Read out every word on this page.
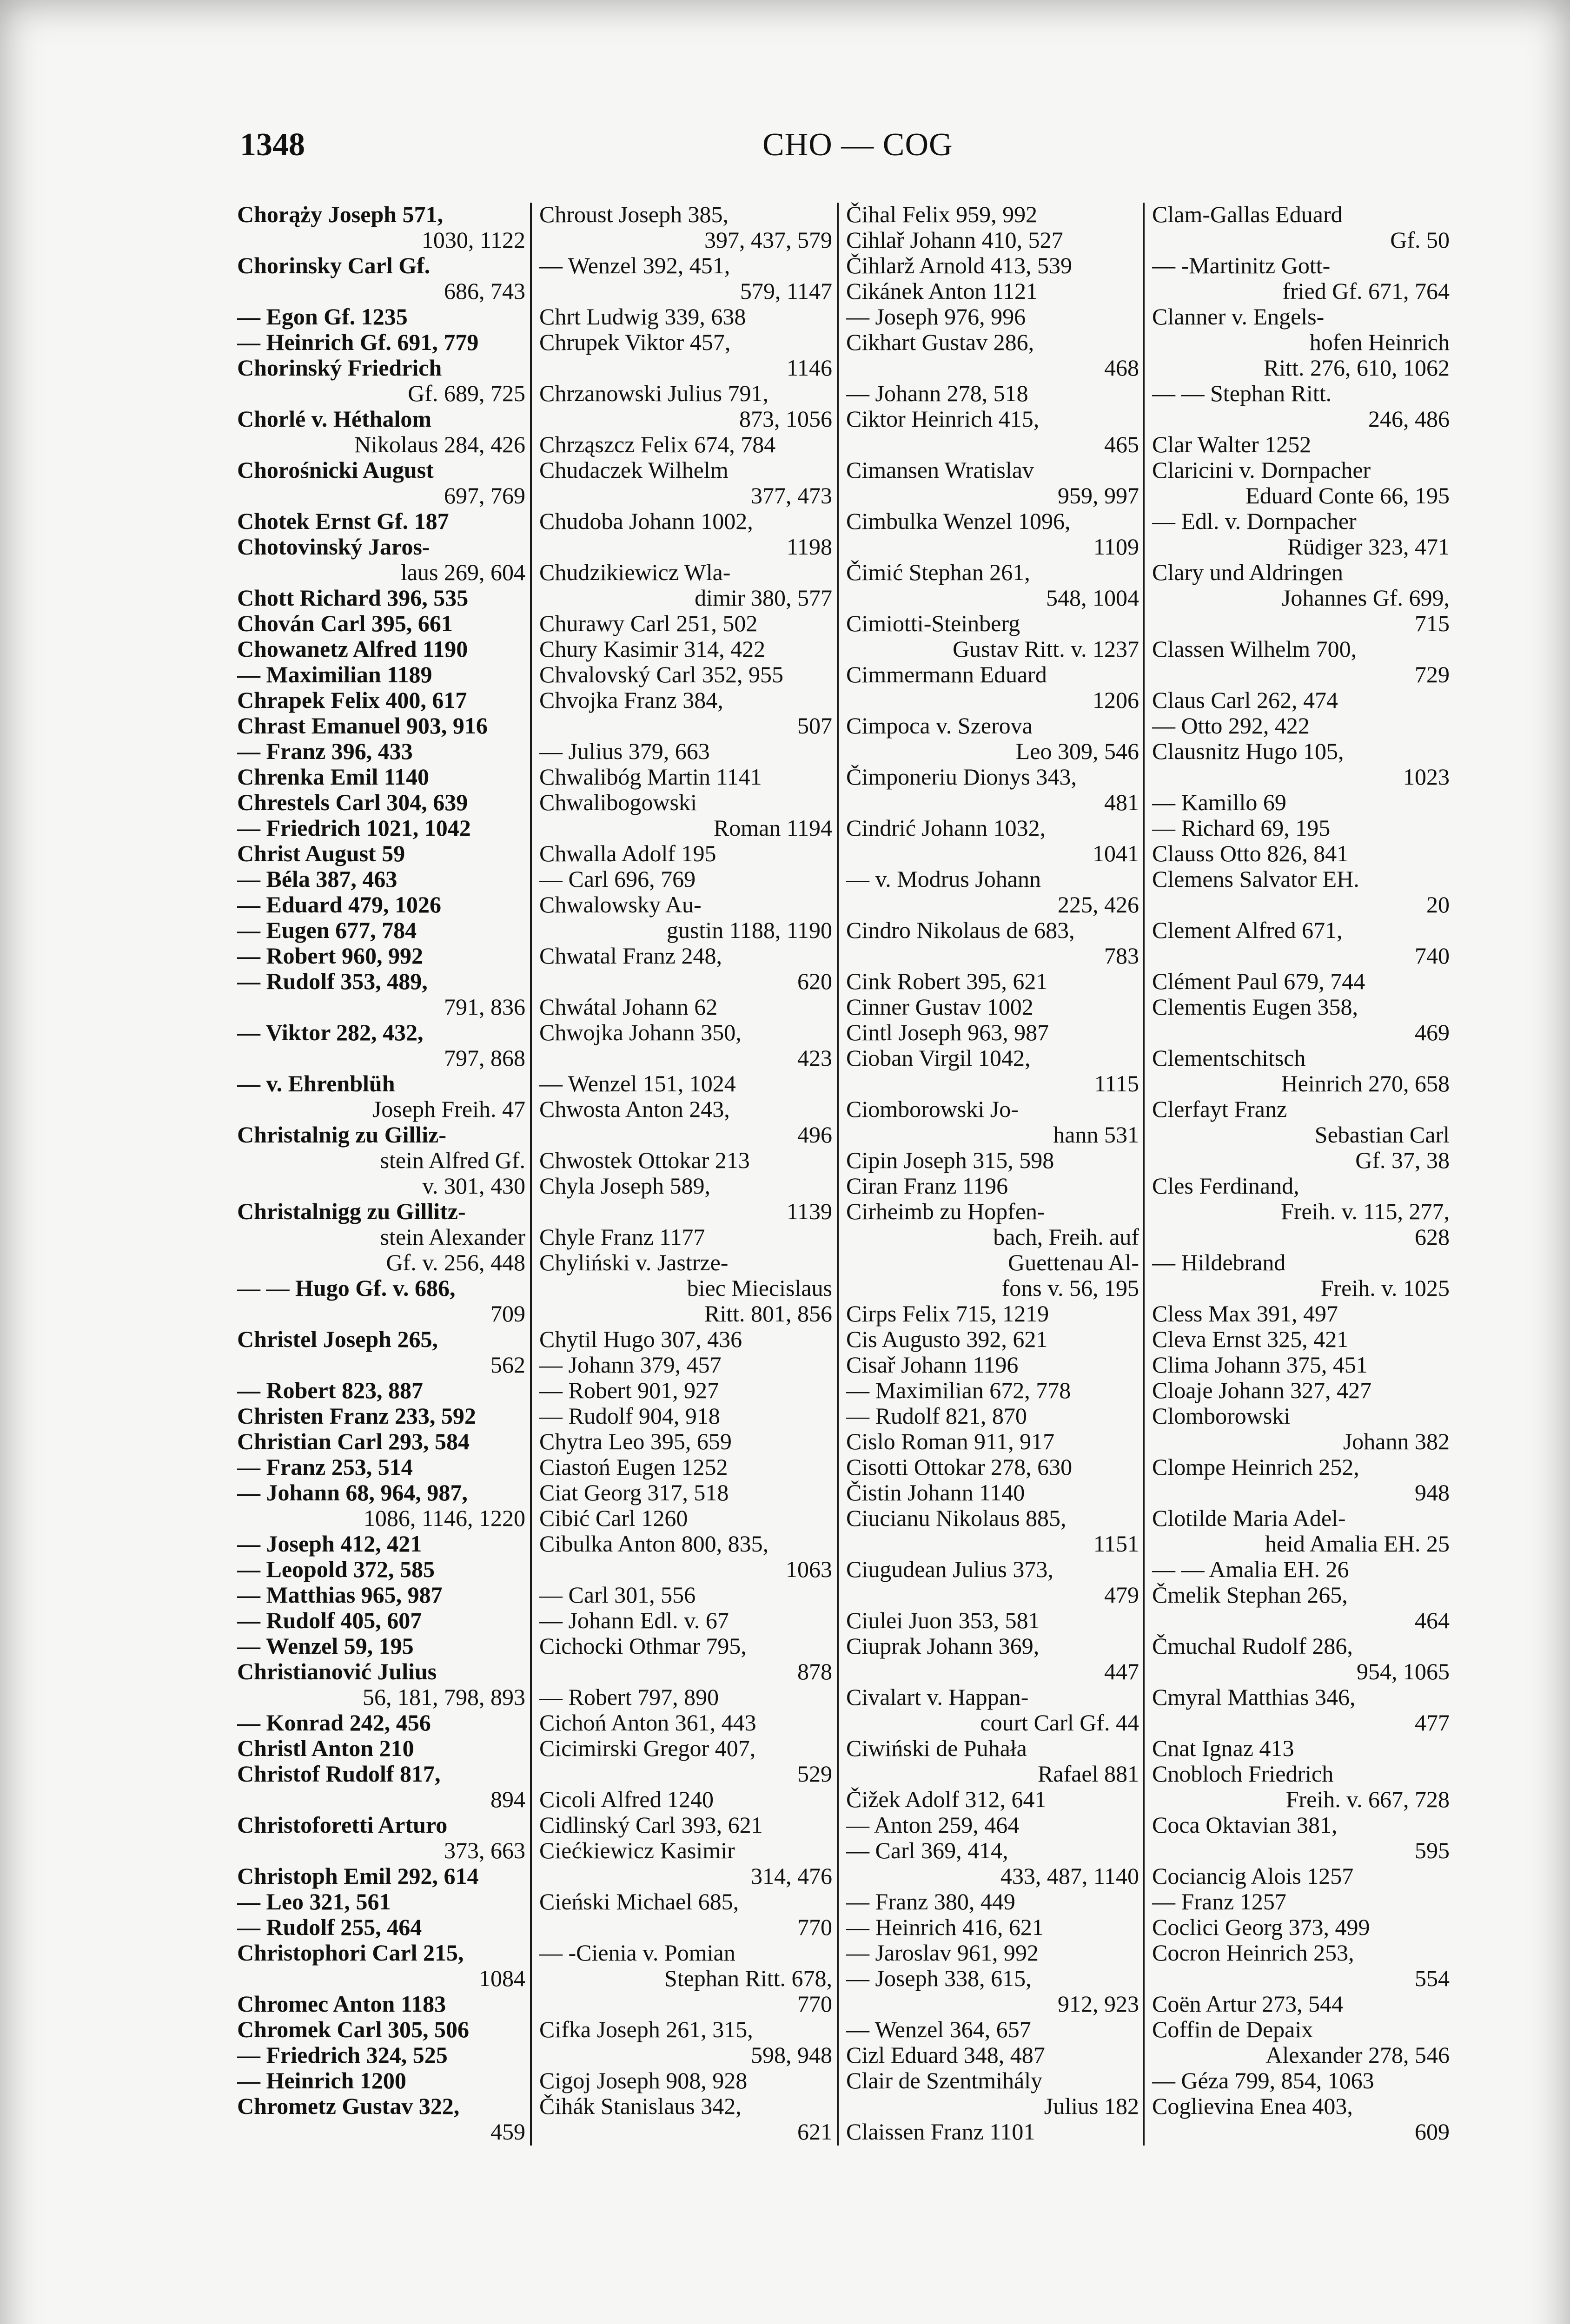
1348	CHO — COG
Chorąży Joseph 571,
1030, 1122
Chorinsky Carl Gf.
686, 743
— Egon Gf. 1235
— Heinrich Gf. 691, 779
Chorinský Friedrich
Gf. 689, 725
Chorlé v. Héthalom
Nikolaus 284, 426
Chorośnicki August
697, 769
Chotek Ernst Gf. 187
Chotovinský Jaros-
laus 269, 604
Chott Richard 396, 535
Chován Carl 395, 661
Chowanetz Alfred 1190
— Maximilian 1189
Chrapek Felix 400, 617
Chrast Emanuel 903, 916
— Franz 396, 433
Chrenka Emil 1140
Chrestels Carl 304, 639
— Friedrich 1021, 1042
Christ August 59
— Béla 387, 463
— Eduard 479, 1026
— Eugen 677, 784
— Robert 960, 992
— Rudolf 353, 489,
791, 836
— Viktor 282, 432,
797, 868
— v. Ehrenblüh
Joseph Freih. 47
Christalnig zu Gilliz-
stein Alfred Gf.
v. 301, 430
Christalnigg zu Gillitz-
stein Alexander
Gf. v. 256, 448
— — Hugo Gf. v. 686,
709
Christel Joseph 265,
562
— Robert 823, 887
Christen Franz 233, 592
Christian Carl 293, 584
— Franz 253, 514
— Johann 68, 964, 987,
1086, 1146, 1220
— Joseph 412, 421
— Leopold 372, 585
— Matthias 965, 987
— Rudolf 405, 607
— Wenzel 59, 195
Christianović Julius
56, 181, 798, 893
— Konrad 242, 456
Christl Anton 210
Christof Rudolf 817,
894
Christoforetti Arturo
373, 663
Christoph Emil 292, 614
— Leo 321, 561
— Rudolf 255, 464
Christophori Carl 215,
1084
Chromec Anton 1183
Chromek Carl 305, 506
— Friedrich 324, 525
— Heinrich 1200
Chrometz Gustav 322,
459
Chroust Joseph 385,
397, 437, 579
— Wenzel 392, 451,
579, 1147
Chrt Ludwig 339, 638
Chrupek Viktor 457,
1146
Chrzanowski Julius 791,
873, 1056
Chrząszcz Felix 674, 784
Chudaczek Wilhelm
377, 473
Chudoba Johann 1002,
1198
Chudzikiewicz Wla-
dimir 380, 577
Churawy Carl 251, 502
Chury Kasimir 314, 422
Chvalovský Carl 352, 955
Chvojka Franz 384,
507
— Julius 379, 663
Chwalibóg Martin 1141
Chwalibogowski
Roman 1194
Chwalla Adolf 195
— Carl 696, 769
Chwalowsky Au-
gustin 1188, 1190
Chwatal Franz 248,
620
Chwátal Johann 62
Chwojka Johann 350,
423
— Wenzel 151, 1024
Chwosta Anton 243,
496
Chwostek Ottokar 213
Chyla Joseph 589,
1139
Chyle Franz 1177
Chyliński v. Jastrze-
biec Miecislaus
Ritt. 801, 856
Chytil Hugo 307, 436
— Johann 379, 457
— Robert 901, 927
— Rudolf 904, 918
Chytra Leo 395, 659
Ciastoń Eugen 1252
Ciat Georg 317, 518
Cibić Carl 1260
Cibulka Anton 800, 835,
1063
— Carl 301, 556
— Johann Edl. v. 67
Cichocki Othmar 795,
878
— Robert 797, 890
Cichoń Anton 361, 443
Cicimirski Gregor 407,
529
Cicoli Alfred 1240
Cidlinský Carl 393, 621
Ciećkiewicz Kasimir
314, 476
Cieński Michael 685,
770
— -Cienia v. Pomian
Stephan Ritt. 678,
770
Cifka Joseph 261, 315,
598, 948
Cigoj Joseph 908, 928
Čihák Stanislaus 342,
621
Čihal Felix 959, 992
Cihlař Johann 410, 527
Čihlarž Arnold 413, 539
Cikánek Anton 1121
— Joseph 976, 996
Cikhart Gustav 286,
468
— Johann 278, 518
Ciktor Heinrich 415,
465
Cimansen Wratislav
959, 997
Cimbulka Wenzel 1096,
1109
Čimić Stephan 261,
548, 1004
Cimiotti-Steinberg
Gustav Ritt. v. 1237
Cimmermann Eduard
1206
Cimpoca v. Szerova
Leo 309, 546
Čimponeriu Dionys 343,
481
Cindrić Johann 1032,
1041
— v. Modrus Johann
225, 426
Cindro Nikolaus de 683,
783
Cink Robert 395, 621
Cinner Gustav 1002
Cintl Joseph 963, 987
Cioban Virgil 1042,
1115
Ciomborowski Jo-
hann 531
Cipin Joseph 315, 598
Ciran Franz 1196
Cirheimb zu Hopfen-
bach, Freih. auf
Guettenau Al-
fons v. 56, 195
Cirps Felix 715, 1219
Cis Augusto 392, 621
Cisař Johann 1196
— Maximilian 672, 778
— Rudolf 821, 870
Cislo Roman 911, 917
Cisotti Ottokar 278, 630
Čistin Johann 1140
Ciucianu Nikolaus 885,
1151
Ciugudean Julius 373,
479
Ciulei Juon 353, 581
Ciuprak Johann 369,
447
Civalart v. Happan-
court Carl Gf. 44
Ciwiński de Puhała
Rafael 881
Čižek Adolf 312, 641
— Anton 259, 464
— Carl 369, 414,
433, 487, 1140
— Franz 380, 449
— Heinrich 416, 621
— Jaroslav 961, 992
— Joseph 338, 615,
912, 923
— Wenzel 364, 657
Cizl Eduard 348, 487
Clair de Szentmihály
Julius 182
Claissen Franz 1101
Clam-Gallas Eduard
Gf. 50
— -Martinitz Gott-
fried Gf. 671, 764
Clanner v. Engels-
hofen Heinrich
Ritt. 276, 610, 1062
— — Stephan Ritt.
246, 486
Clar Walter 1252
Claricini v. Dornpacher
Eduard Conte 66, 195
— Edl. v. Dornpacher
Rüdiger 323, 471
Clary und Aldringen
Johannes Gf. 699,
715
Classen Wilhelm 700,
729
Claus Carl 262, 474
— Otto 292, 422
Clausnitz Hugo 105,
1023
— Kamillo 69
— Richard 69, 195
Clauss Otto 826, 841
Clemens Salvator EH.
20
Clement Alfred 671,
740
Clément Paul 679, 744
Clementis Eugen 358,
469
Clementschitsch
Heinrich 270, 658
Clerfayt Franz
Sebastian Carl
Gf. 37, 38
Cles Ferdinand,
Freih. v. 115, 277,
628
— Hildebrand
Freih. v. 1025
Cless Max 391, 497
Cleva Ernst 325, 421
Clima Johann 375, 451
Cloaje Johann 327, 427
Clomborowski
Johann 382
Clompe Heinrich 252,
948
Clotilde Maria Adel-
heid Amalia EH. 25
— — Amalia EH. 26
Čmelik Stephan 265,
464
Čmuchal Rudolf 286,
954, 1065
Cmyral Matthias 346,
477
Cnat Ignaz 413
Cnobloch Friedrich
Freih. v. 667, 728
Coca Oktavian 381,
595
Cociancig Alois 1257
— Franz 1257
Coclici Georg 373, 499
Cocron Heinrich 253,
554
Coën Artur 273, 544
Coffin de Depaix
Alexander 278, 546
— Géza 799, 854, 1063
Coglievina Enea 403,
609
